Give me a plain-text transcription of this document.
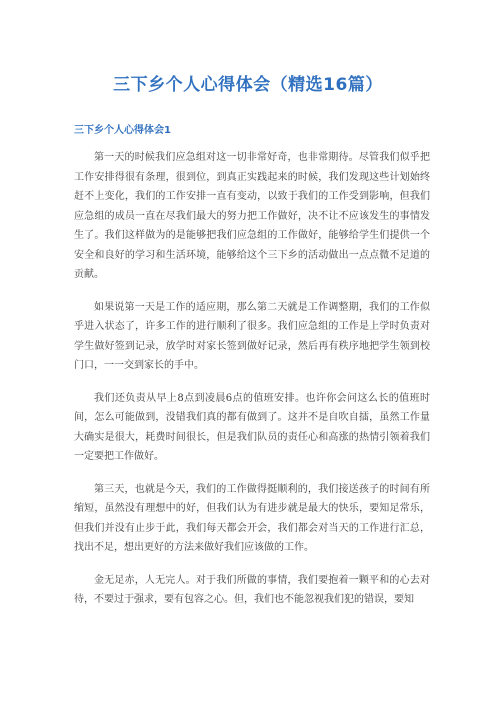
三下乡个人心得体会（精选16篇）
三下乡个人心得体会1

第一天的时候我们应急组对这一切非常好奇，也非常期待。尽管我们似乎把工作安排得很有条理，很到位，到真正实践起来的时候，我们发现这些计划始终赶不上变化，我们的工作安排一直有变动，以致于我们的工作受到影响，但我们应急组的成员一直在尽我们最大的努力把工作做好，决不让不应该发生的事情发生了。我们这样做为的是能够把我们应急组的工作做好，能够给学生们提供一个安全和良好的学习和生活环境，能够给这个三下乡的活动做出一点点微不足道的贡献。

如果说第一天是工作的适应期，那么第二天就是工作调整期，我们的工作似乎进入状态了，许多工作的进行顺利了很多。我们应急组的工作是上学时负责对学生做好签到记录，放学时对家长签到做好记录，然后再有秩序地把学生领到校门口，一一交到家长的手中。

我们还负责从早上8点到凌晨6点的值班安排。也许你会问这么长的值班时间，怎么可能做到，没错我们真的都有做到了。这并不是自吹自擂，虽然工作量大确实是很大，耗费时间很长，但是我们队员的责任心和高涨的热情引领着我们一定要把工作做好。

第三天，也就是今天，我们的工作做得挺顺利的，我们接送孩子的时间有所缩短，虽然没有理想中的好，但我们认为有进步就是最大的快乐，要知足常乐，但我们并没有止步于此，我们每天都会开会，我们都会对当天的工作进行汇总，找出不足，想出更好的方法来做好我们应该做的工作。

金无足赤，人无完人。对于我们所做的事情，我们要抱着一颗平和的心去对待，不要过于强求，要有包容之心。但，我们也不能忽视我们犯的错误，要知
